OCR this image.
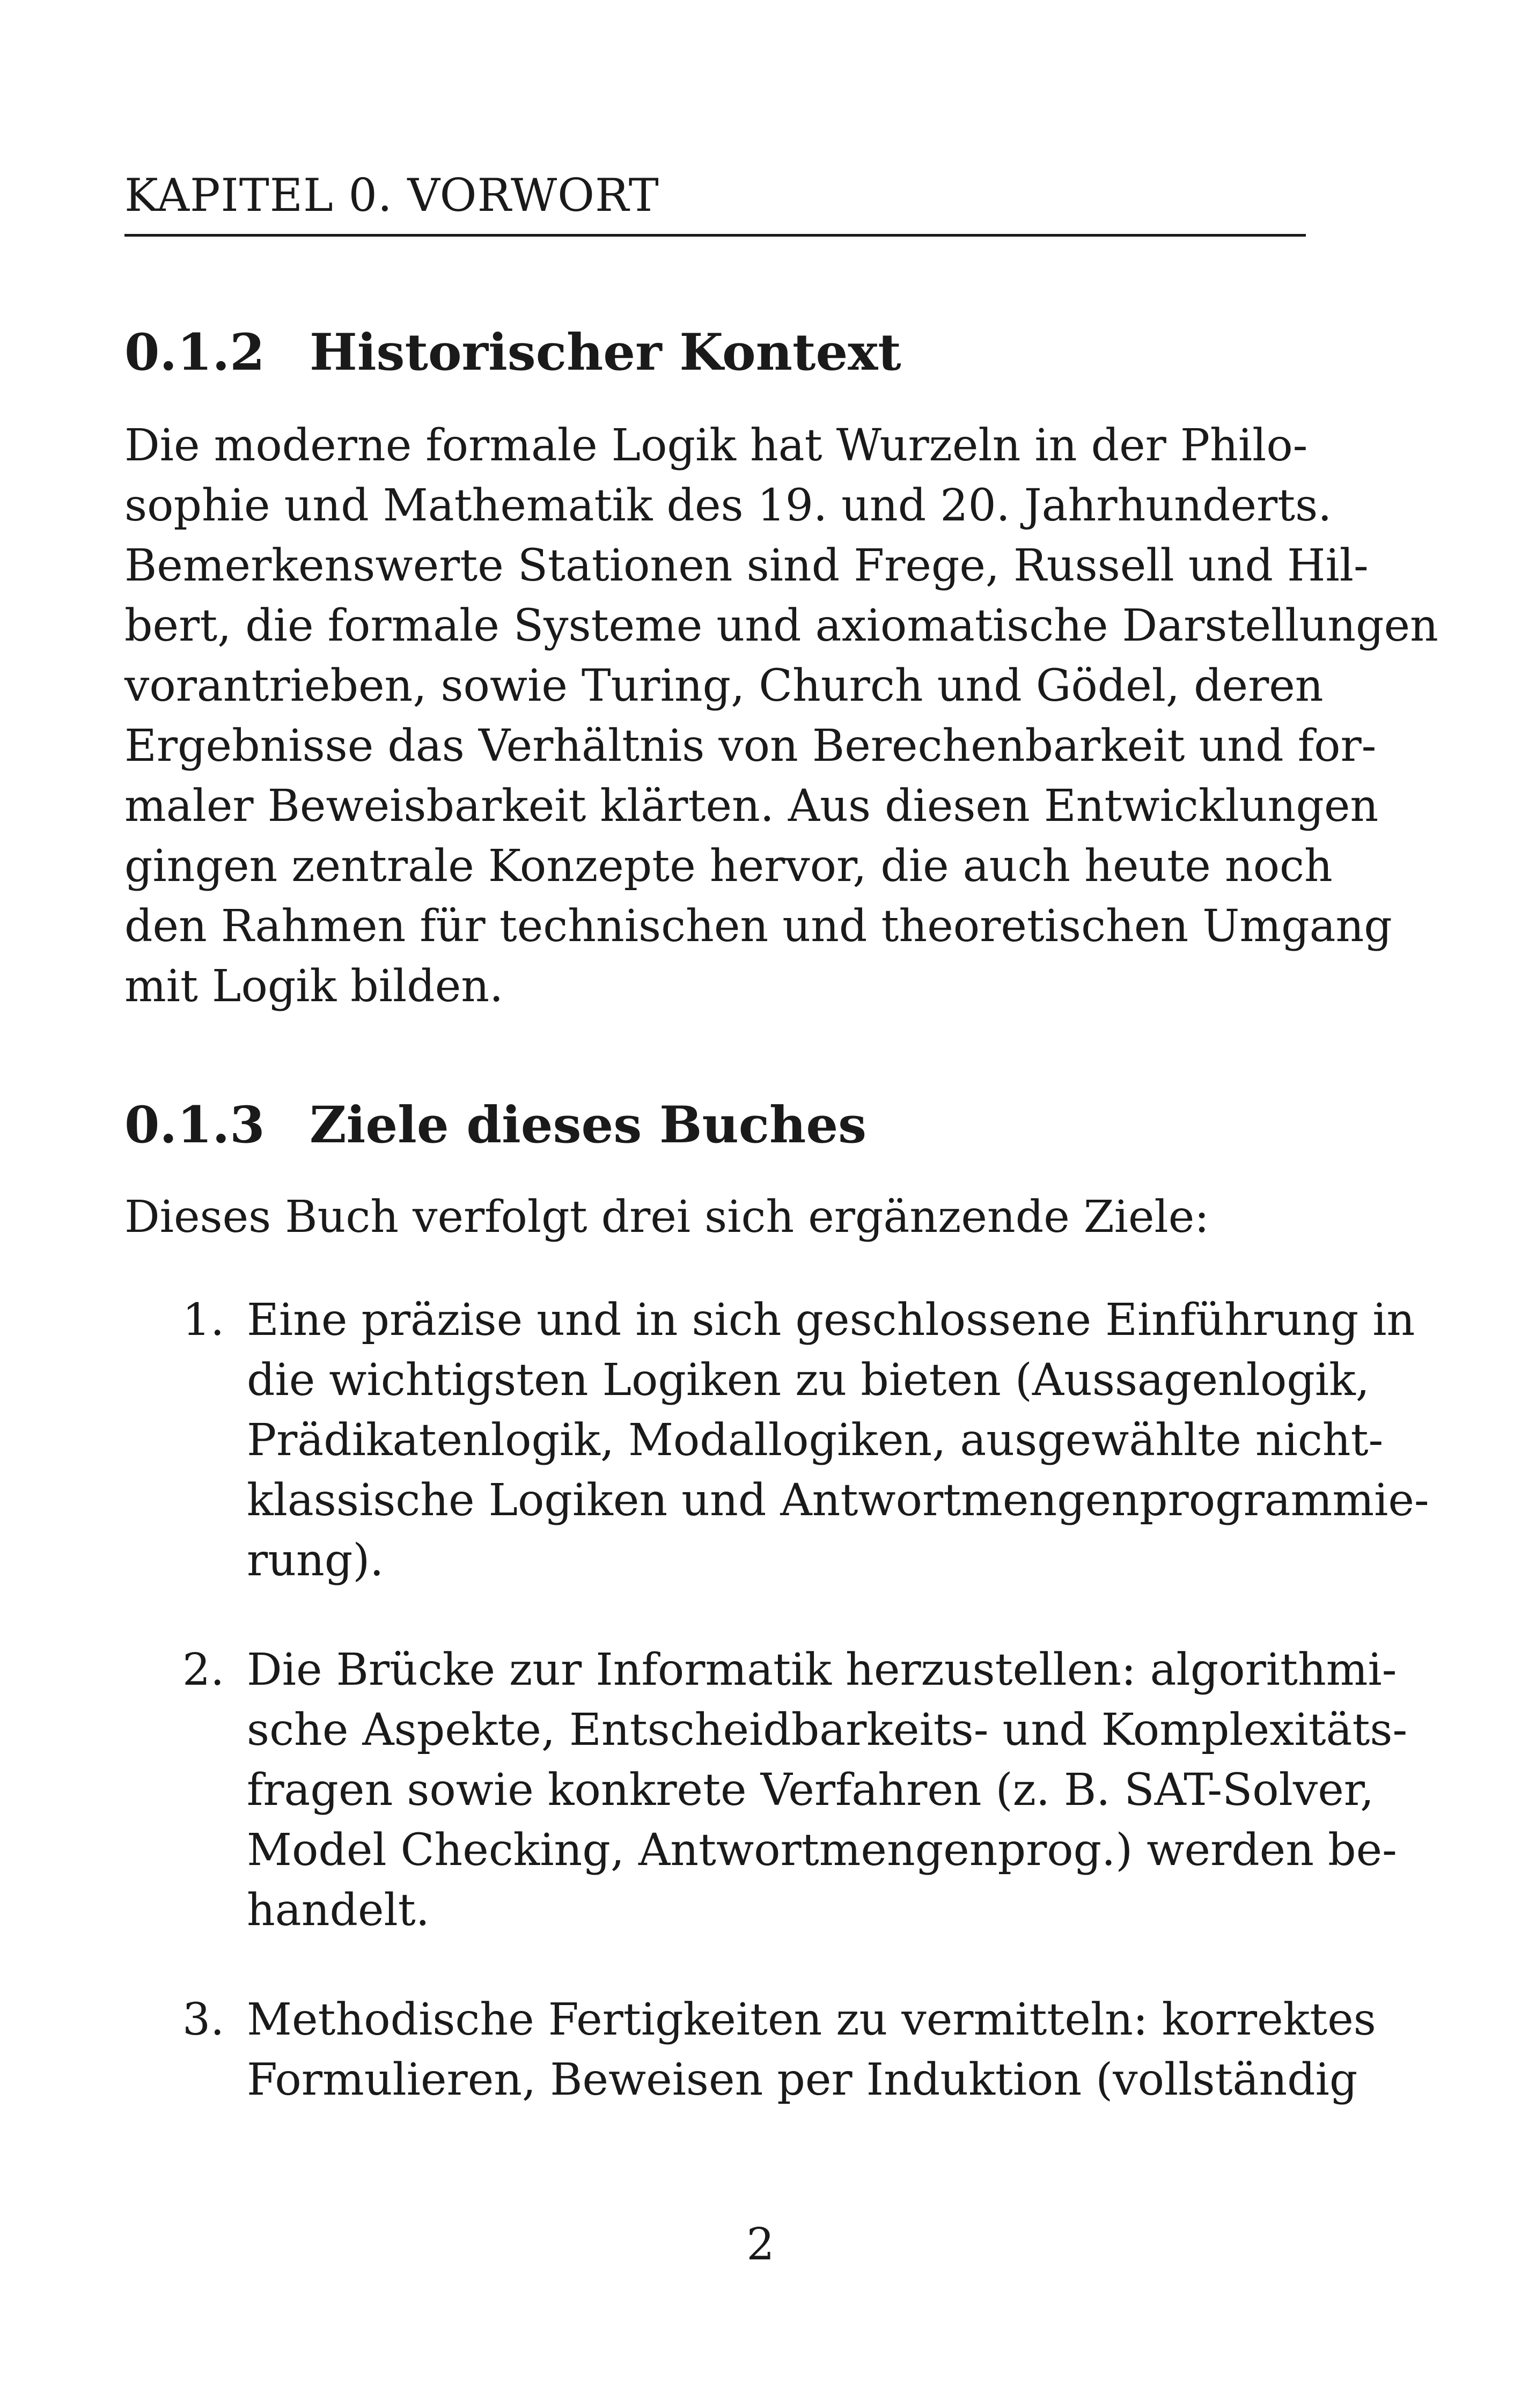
KAPITEL 0. VORWORT
0.1.2 Historischer Kontext
Die moderne formale Logik hat Wurzeln in der Philo-
sophie und Mathematik des 19. und 20. Jahrhunderts.
Bemerkenswerte Stationen sind Frege, Russell und Hil-
bert, die formale Systeme und axiomatische Darstellungen
vorantrieben, sowie Turing, Church und Gödel, deren
Ergebnisse das Verhältnis von Berechenbarkeit und for-
maler Beweisbarkeit klärten. Aus diesen Entwicklungen
gingen zentrale Konzepte hervor, die auch heute noch
den Rahmen für technischen und theoretischen Umgang
mit Logik bilden.
0.1.3 Ziele dieses Buches
Dieses Buch verfolgt drei sich ergänzende Ziele:
1. Eine präzise und in sich geschlossene Einführung in
die wichtigsten Logiken zu bieten (Aussagenlogik,
Prädikatenlogik, Modallogiken, ausgewählte nicht-
klassische Logiken und Antwortmengenprogrammie-
rung).
2. Die Brücke zur Informatik herzustellen: algorithmi-
sche Aspekte, Entscheidbarkeits- und Komplexitäts-
fragen sowie konkrete Verfahren (z. B. SAT-Solver,
Model Checking, Antwortmengenprog.) werden be-
handelt.
3. Methodische Fertigkeiten zu vermitteln: korrektes
Formulieren, Beweisen per Induktion (vollständig
2
